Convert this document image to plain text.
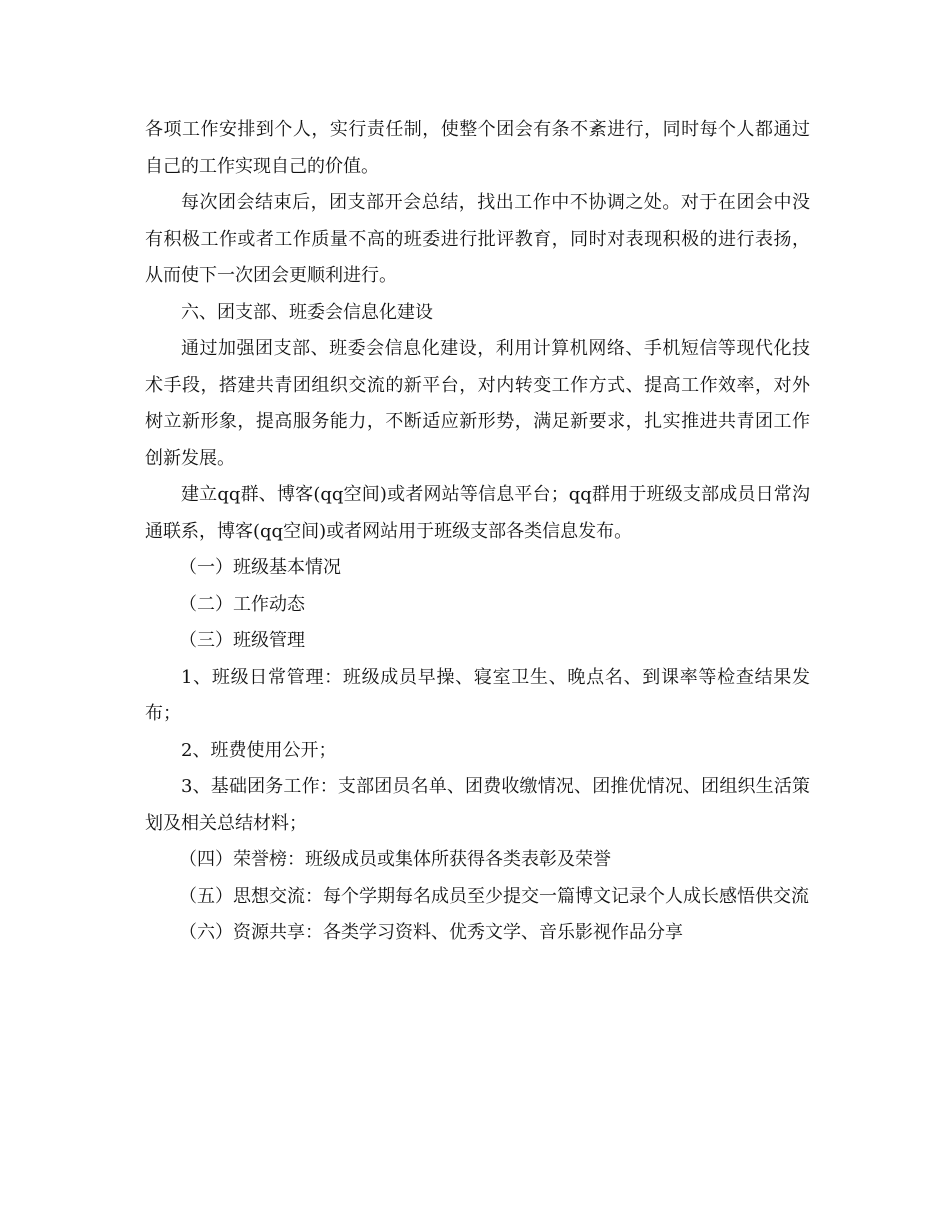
各项工作安排到个人，实行责任制，使整个团会有条不紊进行，同时每个人都通过自己的工作实现自己的价值。

每次团会结束后，团支部开会总结，找出工作中不协调之处。对于在团会中没有积极工作或者工作质量不高的班委进行批评教育，同时对表现积极的进行表扬，从而使下一次团会更顺利进行。

六、团支部、班委会信息化建设

通过加强团支部、班委会信息化建设，利用计算机网络、手机短信等现代化技术手段，搭建共青团组织交流的新平台，对内转变工作方式、提高工作效率，对外树立新形象，提高服务能力，不断适应新形势，满足新要求，扎实推进共青团工作创新发展。

建立qq群、博客(qq空间)或者网站等信息平台；qq群用于班级支部成员日常沟通联系，博客(qq空间)或者网站用于班级支部各类信息发布。

（一）班级基本情况

（二）工作动态

（三）班级管理

1、班级日常管理：班级成员早操、寝室卫生、晚点名、到课率等检查结果发布；

2、班费使用公开；

3、基础团务工作：支部团员名单、团费收缴情况、团推优情况、团组织生活策划及相关总结材料；

（四）荣誉榜：班级成员或集体所获得各类表彰及荣誉

（五）思想交流：每个学期每名成员至少提交一篇博文记录个人成长感悟供交流

（六）资源共享：各类学习资料、优秀文学、音乐影视作品分享
